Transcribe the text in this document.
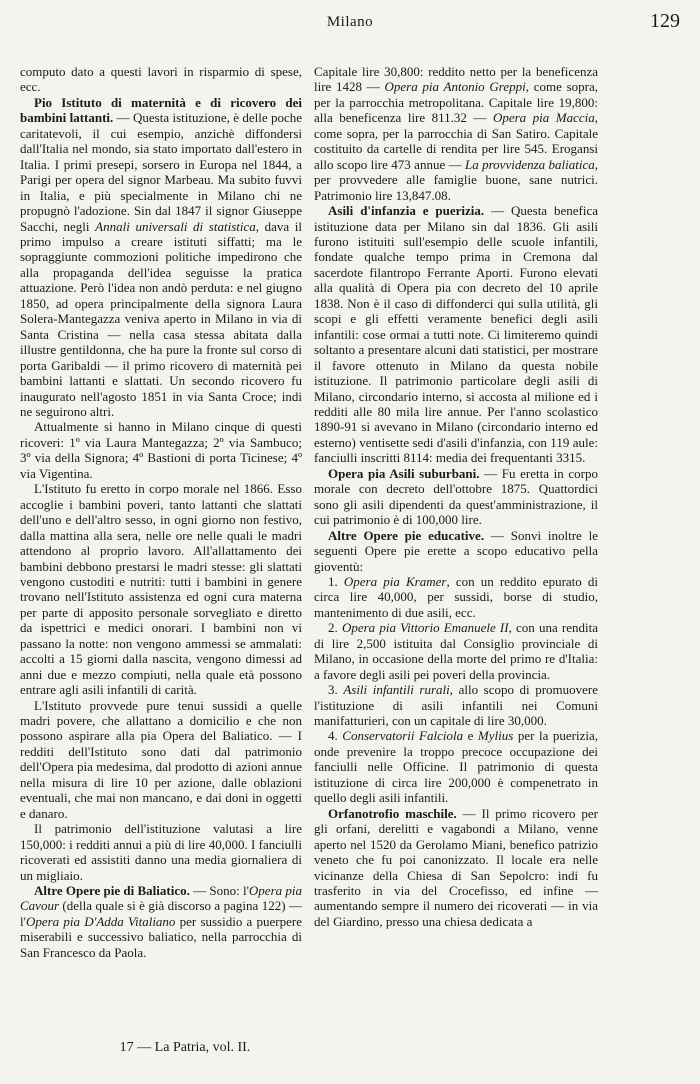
Milano	129

computo dato a questi lavori in risparmio di spese, ecc.

Pio Istituto di maternità e di ricovero dei bambini lattanti. — Questa istituzione, è delle poche caritatevoli, il cui esempio, anzichè diffondersi dall'Italia nel mondo, sia stato importato dall'estero in Italia. I primi presepi, sorsero in Europa nel 1844, a Parigi per opera del signor Marbeau. Ma subito fuvvi in Italia, e più specialmente in Milano chi ne propugnò l'adozione. Sin dal 1847 il signor Giuseppe Sacchi, negli Annali universali di statistica, dava il primo impulso a creare istituti siffatti; ma le sopraggiunte commozioni politiche impedirono che alla propaganda dell'idea seguisse la pratica attuazione. Però l'idea non andò perduta: e nel giugno 1850, ad opera principalmente della signora Laura Solera-Mantegazza veniva aperto in Milano in via di Santa Cristina — nella casa stessa abitata dalla illustre gentildonna, che ha pure la fronte sul corso di porta Garibaldi — il primo ricovero di maternità pei bambini lattanti e slattati. Un secondo ricovero fu inaugurato nell'agosto 1851 in via Santa Croce; indi ne seguirono altri.

Attualmente si hanno in Milano cinque di questi ricoveri: 1º via Laura Mantegazza; 2º via Sambuco; 3º via della Signora; 4º Bastioni di porta Ticinese; 4º via Vigentina.

L'Istituto fu eretto in corpo morale nel 1866. Esso accoglie i bambini poveri, tanto lattanti che slattati dell'uno e dell'altro sesso, in ogni giorno non festivo, dalla mattina alla sera, nelle ore nelle quali le madri attendono al proprio lavoro. All'allattamento dei bambini debbono prestarsi le madri stesse: gli slattati vengono custoditi e nutriti: tutti i bambini in genere trovano nell'Istituto assistenza ed ogni cura materna per parte di apposito personale sorvegliato e diretto da ispettrici e medici onorari. I bambini non vi passano la notte: non vengono ammessi se ammalati: accolti a 15 giorni dalla nascita, vengono dimessi ad anni due e mezzo compiuti, nella quale età possono entrare agli asili infantili di carità.

L'Istituto provvede pure tenui sussidi a quelle madri povere, che allattano a domicilio e che non possono aspirare alla pia Opera del Baliatico. — I redditi dell'Istituto sono dati dal patrimonio dell'Opera pia medesima, dal prodotto di azioni annue nella misura di lire 10 per azione, dalle oblazioni eventuali, che mai non mancano, e dai doni in oggetti e danaro.

Il patrimonio dell'istituzione valutasi a lire 150,000: i redditi annui a più di lire 40,000. I fanciulli ricoverati ed assistiti danno una media giornaliera di un migliaio.

Altre Opere pie di Baliatico. — Sono: l'Opera pia Cavour (della quale si è già discorso a pagina 122) — l'Opera pia D'Adda Vitaliano per sussidio a puerpere miserabili e successivo baliatico, nella parrocchia di San Francesco da Paola.

Capitale lire 30,800: reddito netto per la beneficenza lire 1428 — Opera pia Antonio Greppi, come sopra, per la parrocchia metropolitana. Capitale lire 19,800: alla beneficenza lire 811.32 — Opera pia Maccia, come sopra, per la parrocchia di San Satiro. Capitale costituito da cartelle di rendita per lire 545. Erogansi allo scopo lire 473 annue — La provvidenza baliatica, per provvedere alle famiglie buone, sane nutrici. Patrimonio lire 13,847.08.

Asili d'infanzia e puerizia. — Questa benefica istituzione data per Milano sin dal 1836. Gli asili furono istituiti sull'esempio delle scuole infantili, fondate qualche tempo prima in Cremona dal sacerdote filantropo Ferrante Aporti. Furono elevati alla qualità di Opera pia con decreto del 10 aprile 1838. Non è il caso di diffonderci qui sulla utilità, gli scopi e gli effetti veramente benefici degli asili infantili: cose ormai a tutti note. Ci limiteremo quindi soltanto a presentare alcuni dati statistici, per mostrare il favore ottenuto in Milano da questa nobile istituzione. Il patrimonio particolare degli asili di Milano, circondario interno, si accosta al milione ed i redditi alle 80 mila lire annue. Per l'anno scolastico 1890-91 si avevano in Milano (circondario interno ed esterno) ventisette sedi d'asili d'infanzia, con 119 aule: fanciulli inscritti 8114: media dei frequentanti 3315.

Opera pia Asili suburbani. — Fu eretta in corpo morale con decreto dell'ottobre 1875. Quattordici sono gli asili dipendenti da quest'amministrazione, il cui patrimonio è di 100,000 lire.

Altre Opere pie educative. — Sonvi inoltre le seguenti Opere pie erette a scopo educativo pella gioventù:

1. Opera pia Kramer, con un reddito epurato di circa lire 40,000, per sussidi, borse di studio, mantenimento di due asili, ecc.

2. Opera pia Vittorio Emanuele II, con una rendita di lire 2,500 istituita dal Consiglio provinciale di Milano, in occasione della morte del primo re d'Italia: a favore degli asili pei poveri della provincia.

3. Asili infantili rurali, allo scopo di promuovere l'istituzione di asili infantili nei Comuni manifatturieri, con un capitale di lire 30,000.

4. Conservatorii Falciola e Mylius per la puerizia, onde prevenire la troppo precoce occupazione dei fanciulli nelle Officine. Il patrimonio di questa istituzione di circa lire 200,000 è compenetrato in quello degli asili infantili.

Orfanotrofio maschile. — Il primo ricovero per gli orfani, derelitti e vagabondi a Milano, venne aperto nel 1520 da Gerolamo Miani, benefico patrizio veneto che fu poi canonizzato. Il locale era nelle vicinanze della Chiesa di San Sepolcro: indi fu trasferito in via del Crocefisso, ed infine — aumentando sempre il numero dei ricoverati — in via del Giardino, presso una chiesa dedicata a

17 — La Patria, vol. II.
